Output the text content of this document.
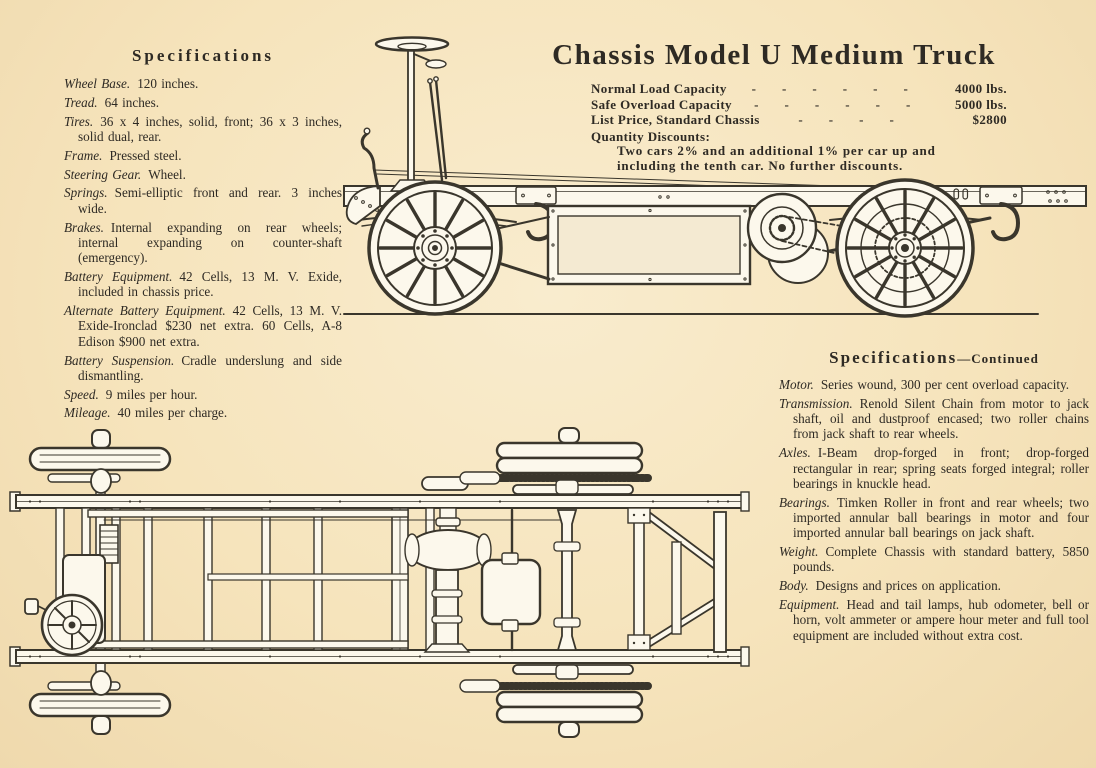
Specifications
Wheel Base. 120 inches.
Tread. 64 inches.
Tires. 36 x 4 inches, solid, front; 36 x 3 inches, solid dual, rear.
Frame. Pressed steel.
Steering Gear. Wheel.
Springs. Semi-elliptic front and rear. 3 inches wide.
Brakes. Internal expanding on rear wheels; internal expanding on counter-shaft (emergency).
Battery Equipment. 42 Cells, 13 M. V. Exide, included in chassis price.
Alternate Battery Equipment. 42 Cells, 13 M. V. Exide-Ironclad $230 net extra. 60 Cells, A-8 Edison $900 net extra.
Battery Suspension. Cradle underslung and side dismantling.
Speed. 9 miles per hour.
Mileage. 40 miles per charge.
Chassis Model U Medium Truck
Normal Load Capacity	- - - - - -	4000 lbs.
Safe Overload Capacity	- - - - - -	5000 lbs.
List Price, Standard Chassis	- - - -	$2800
Quantity Discounts:
Two cars 2% and an additional 1% per car up and
including the tenth car. No further discounts.
Specifications—Continued
Motor. Series wound, 300 per cent overload capacity.
Transmission. Renold Silent Chain from motor to jack shaft, oil and dustproof encased; two roller chains from jack shaft to rear wheels.
Axles. I-Beam drop-forged in front; drop-forged rectangular in rear; spring seats forged integral; roller bearings in knuckle head.
Bearings. Timken Roller in front and rear wheels; two imported annular ball bearings in motor and four imported annular ball bearings on jack shaft.
Weight. Complete Chassis with standard battery, 5850 pounds.
Body. Designs and prices on application.
Equipment. Head and tail lamps, hub odometer, bell or horn, volt ammeter or ampere hour meter and full tool equipment are included without extra cost.
